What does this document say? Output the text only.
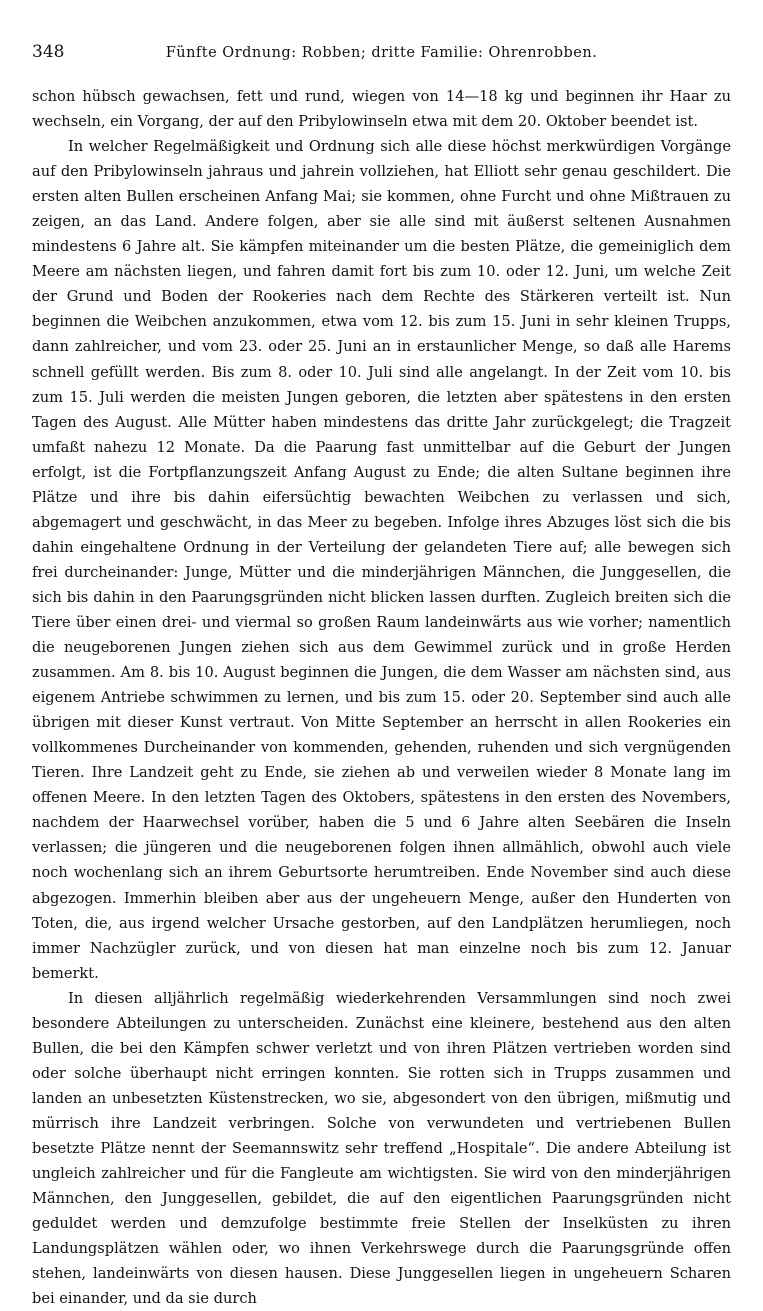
348	Fünfte Ordnung: Robben; dritte Familie: Ohrenrobben.

schon hübsch gewachsen, fett und rund, wiegen von 14—18 kg und beginnen ihr Haar zu wechseln, ein Vorgang, der auf den Pribylowinseln etwa mit dem 20. Oktober beendet ist.

In welcher Regelmäßigkeit und Ordnung sich alle diese höchst merkwürdigen Vorgänge auf den Pribylowinseln jahraus und jahrein vollziehen, hat Elliott sehr genau geschildert. Die ersten alten Bullen erscheinen Anfang Mai; sie kommen, ohne Furcht und ohne Mißtrauen zu zeigen, an das Land. Andere folgen, aber sie alle sind mit äußerst seltenen Ausnahmen mindestens 6 Jahre alt. Sie kämpfen miteinander um die besten Plätze, die gemeiniglich dem Meere am nächsten liegen, und fahren damit fort bis zum 10. oder 12. Juni, um welche Zeit der Grund und Boden der Rookeries nach dem Rechte des Stärkeren verteilt ist. Nun beginnen die Weibchen anzukommen, etwa vom 12. bis zum 15. Juni in sehr kleinen Trupps, dann zahlreicher, und vom 23. oder 25. Juni an in erstaunlicher Menge, so daß alle Harems schnell gefüllt werden. Bis zum 8. oder 10. Juli sind alle angelangt. In der Zeit vom 10. bis zum 15. Juli werden die meisten Jungen geboren, die letzten aber spätestens in den ersten Tagen des August. Alle Mütter haben mindestens das dritte Jahr zurückgelegt; die Tragzeit umfaßt nahezu 12 Monate. Da die Paarung fast unmittelbar auf die Geburt der Jungen erfolgt, ist die Fortpflanzungszeit Anfang August zu Ende; die alten Sultane beginnen ihre Plätze und ihre bis dahin eifersüchtig bewachten Weibchen zu verlassen und sich, abgemagert und geschwächt, in das Meer zu begeben. Infolge ihres Abzuges löst sich die bis dahin eingehaltene Ordnung in der Verteilung der gelandeten Tiere auf; alle bewegen sich frei durcheinander: Junge, Mütter und die minderjährigen Männchen, die Junggesellen, die sich bis dahin in den Paarungsgründen nicht blicken lassen durften. Zugleich breiten sich die Tiere über einen drei- und viermal so großen Raum landeinwärts aus wie vorher; namentlich die neugeborenen Jungen ziehen sich aus dem Gewimmel zurück und in große Herden zusammen. Am 8. bis 10. August beginnen die Jungen, die dem Wasser am nächsten sind, aus eigenem Antriebe schwimmen zu lernen, und bis zum 15. oder 20. September sind auch alle übrigen mit dieser Kunst vertraut. Von Mitte September an herrscht in allen Rookeries ein vollkommenes Durcheinander von kommenden, gehenden, ruhenden und sich vergnügenden Tieren. Ihre Landzeit geht zu Ende, sie ziehen ab und verweilen wieder 8 Monate lang im offenen Meere. In den letzten Tagen des Oktobers, spätestens in den ersten des Novembers, nachdem der Haarwechsel vorüber, haben die 5 und 6 Jahre alten Seebären die Inseln verlassen; die jüngeren und die neugeborenen folgen ihnen allmählich, obwohl auch viele noch wochenlang sich an ihrem Geburtsorte herumtreiben. Ende November sind auch diese abgezogen. Immerhin bleiben aber aus der ungeheuern Menge, außer den Hunderten von Toten, die, aus irgend welcher Ursache gestorben, auf den Landplätzen herumliegen, noch immer Nachzügler zurück, und von diesen hat man einzelne noch bis zum 12. Januar bemerkt.

In diesen alljährlich regelmäßig wiederkehrenden Versammlungen sind noch zwei besondere Abteilungen zu unterscheiden. Zunächst eine kleinere, bestehend aus den alten Bullen, die bei den Kämpfen schwer verletzt und von ihren Plätzen vertrieben worden sind oder solche überhaupt nicht erringen konnten. Sie rotten sich in Trupps zusammen und landen an unbesetzten Küstenstrecken, wo sie, abgesondert von den übrigen, mißmutig und mürrisch ihre Landzeit verbringen. Solche von verwundeten und vertriebenen Bullen besetzte Plätze nennt der Seemannswitz sehr treffend „Hospitale“. Die andere Abteilung ist ungleich zahlreicher und für die Fangleute am wichtigsten. Sie wird von den minderjährigen Männchen, den Junggesellen, gebildet, die auf den eigentlichen Paarungsgründen nicht geduldet werden und demzufolge bestimmte freie Stellen der Inselküsten zu ihren Landungsplätzen wählen oder, wo ihnen Verkehrswege durch die Paarungsgründe offen stehen, landeinwärts von diesen hausen. Diese Junggesellen liegen in ungeheuern Scharen bei einander, und da sie durch
